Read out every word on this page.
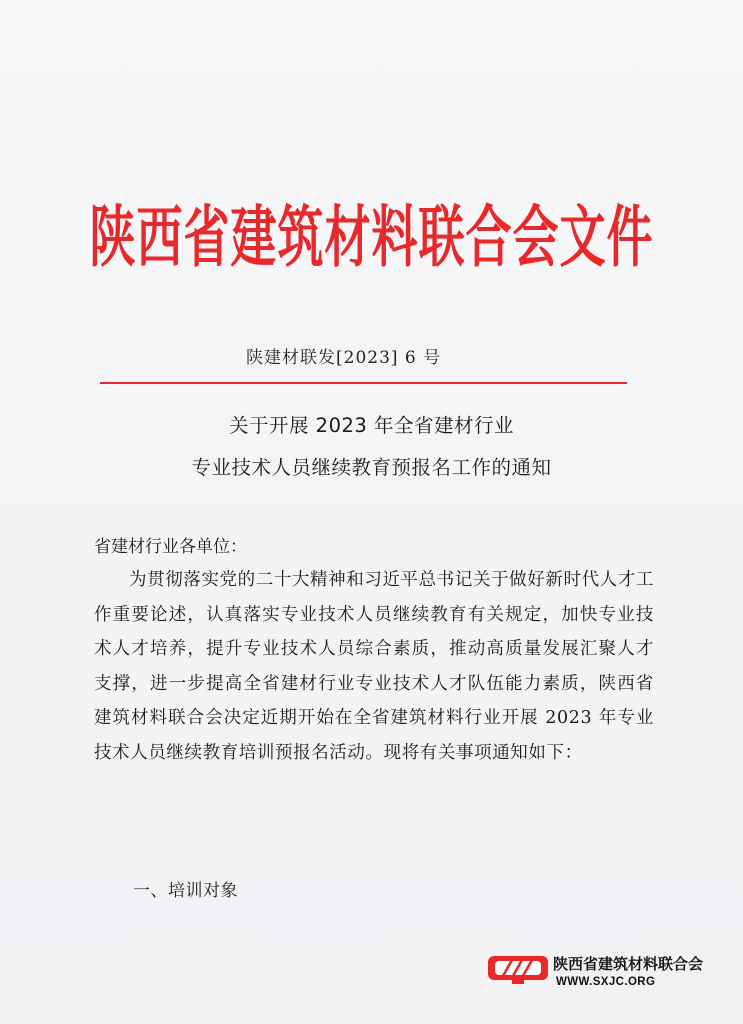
陕西省建筑材料联合会文件
陕建材联发[2023] 6 号
关于开展 2023 年全省建材行业
专业技术人员继续教育预报名工作的通知
省建材行业各单位：
为贯彻落实党的二十大精神和习近平总书记关于做好新时代人才工作重要论述，认真落实专业技术人员继续教育有关规定，加快专业技术人才培养，提升专业技术人员综合素质，推动高质量发展汇聚人才支撑，进一步提高全省建材行业专业技术人才队伍能力素质，陕西省建筑材料联合会决定近期开始在全省建筑材料行业开展 2023 年专业技术人员继续教育培训预报名活动。现将有关事项通知如下：
一、培训对象
陕西省建筑材料联合会
WWW.SXJC.ORG
